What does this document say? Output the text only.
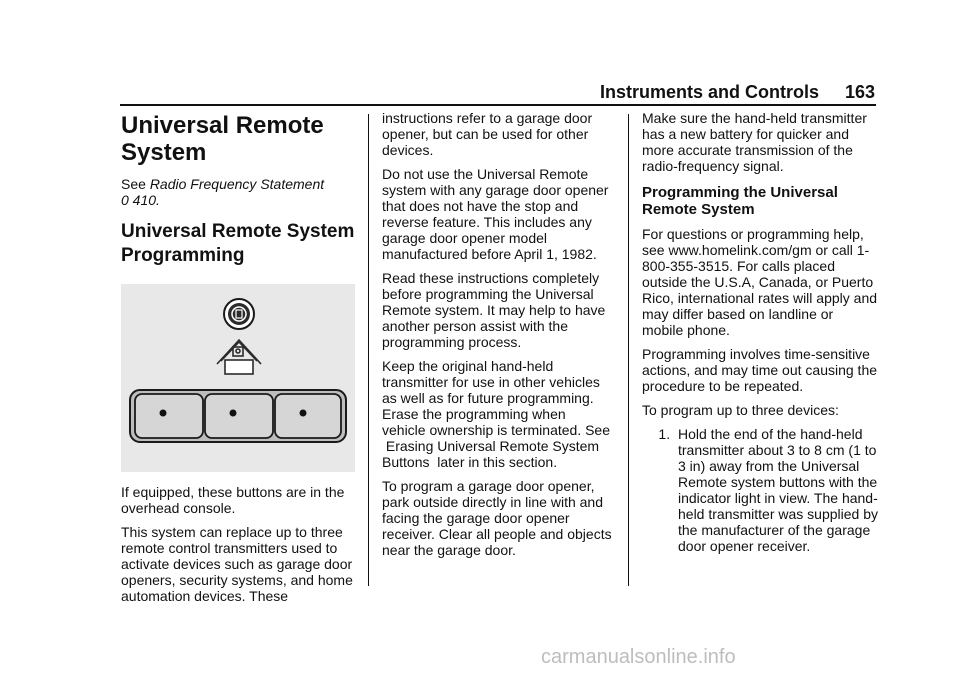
Instruments and Controls 163
Universal Remote System

See Radio Frequency Statement
0 410.

Universal Remote System Programming

If equipped, these buttons are in the overhead console.

This system can replace up to three remote control transmitters used to activate devices such as garage door openers, security systems, and home automation devices. These

instructions refer to a garage door opener, but can be used for other devices.

Do not use the Universal Remote system with any garage door opener that does not have the stop and reverse feature. This includes any garage door opener model manufactured before April 1, 1982.

Read these instructions completely before programming the Universal Remote system. It may help to have another person assist with the programming process.

Keep the original hand-held transmitter for use in other vehicles as well as for future programming. Erase the programming when vehicle ownership is terminated. See  Erasing Universal Remote System Buttons  later in this section.

To program a garage door opener, park outside directly in line with and facing the garage door opener receiver. Clear all people and objects near the garage door.

Make sure the hand-held transmitter has a new battery for quicker and more accurate transmission of the radio-frequency signal.

Programming the Universal Remote System

For questions or programming help, see www.homelink.com/gm or call 1-800-355-3515. For calls placed outside the U.S.A, Canada, or Puerto Rico, international rates will apply and may differ based on landline or mobile phone.

Programming involves time-sensitive actions, and may time out causing the procedure to be repeated.

To program up to three devices:

1. Hold the end of the hand-held transmitter about 3 to 8 cm (1 to 3 in) away from the Universal Remote system buttons with the indicator light in view. The hand-held transmitter was supplied by the manufacturer of the garage door opener receiver.
carmanualsonline.info
